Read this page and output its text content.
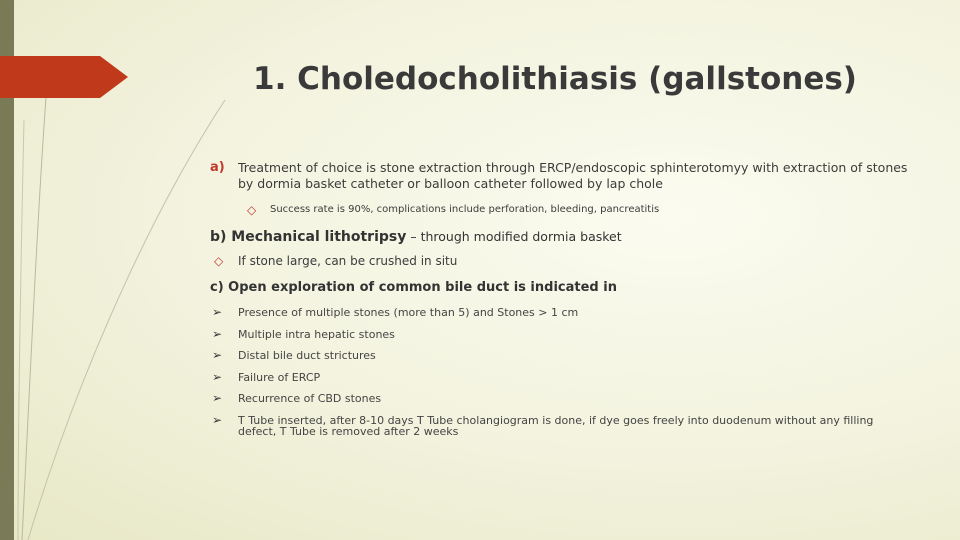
1. Choledocholithiasis (gallstones)
a) Treatment of choice is stone extraction through ERCP/endoscopic sphinterotomyy with extraction of stones by dormia basket catheter or balloon catheter followed by lap chole
◇ Success rate is 90%, complications include perforation, bleeding, pancreatitis
b) Mechanical lithotripsy – through modified dormia basket
◇ If stone large, can be crushed in situ
c) Open exploration of common bile duct is indicated in
➢ Presence of multiple stones (more than 5) and Stones > 1 cm
➢ Multiple intra hepatic stones
➢ Distal bile duct strictures
➢ Failure of ERCP
➢ Recurrence of CBD stones
➢ T Tube inserted, after 8-10 days T Tube cholangiogram is done, if dye goes freely into duodenum without any filling defect, T Tube is removed after 2 weeks
